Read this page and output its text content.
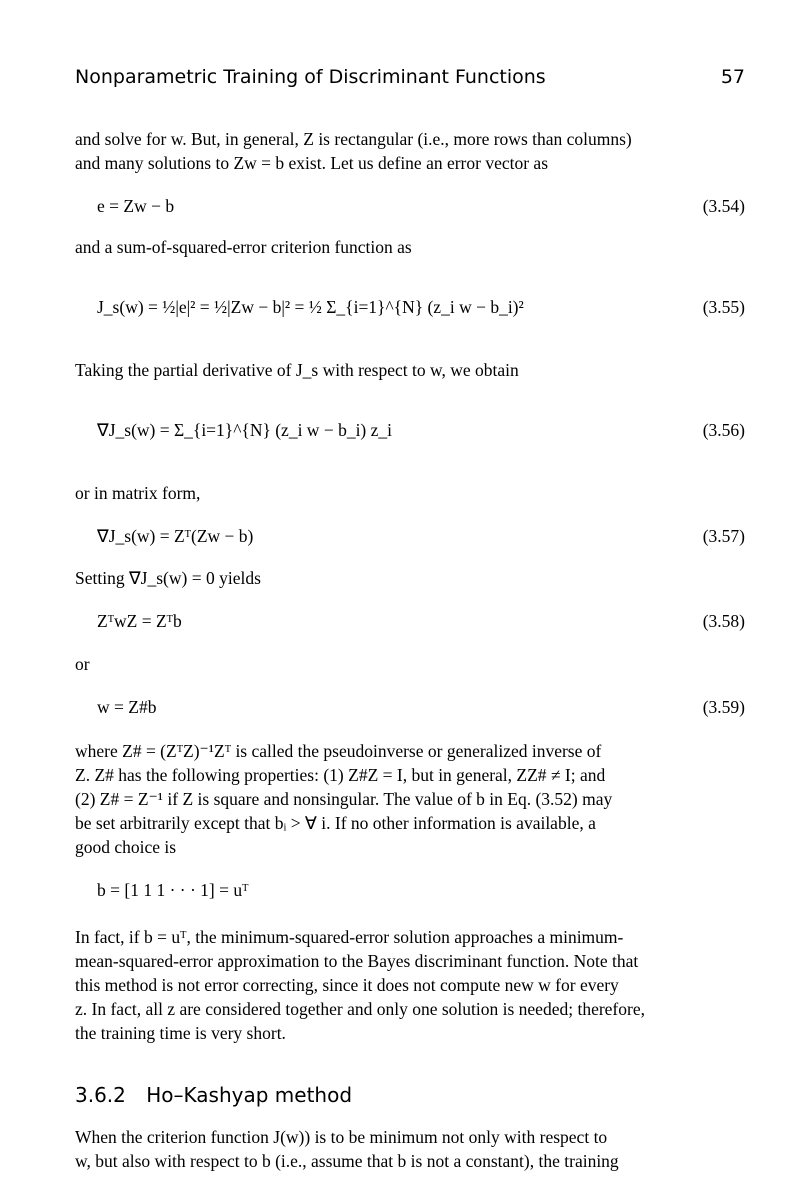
Nonparametric Training of Discriminant Functions	57
and solve for w. But, in general, Z is rectangular (i.e., more rows than columns)
and many solutions to Zw = b exist. Let us define an error vector as
e = Zw − b	(3.54)
and a sum-of-squared-error criterion function as
J_s(w) = ½|e|² = ½|Zw − b|² = ½ Σ_{i=1}^{N} (z_i w − b_i)²	(3.55)
Taking the partial derivative of J_s with respect to w, we obtain
∇J_s(w) = Σ_{i=1}^{N} (z_i w − b_i) z_i	(3.56)
or in matrix form,
∇J_s(w) = Zᵀ(Zw − b)	(3.57)
Setting ∇J_s(w) = 0 yields
ZᵀwZ = Zᵀb	(3.58)
or
w = Z#b	(3.59)
where Z# = (ZᵀZ)⁻¹Zᵀ is called the pseudoinverse or generalized inverse of
Z. Z# has the following properties: (1) Z#Z = I, but in general, ZZ# ≠ I; and
(2) Z# = Z⁻¹ if Z is square and nonsingular. The value of b in Eq. (3.52) may
be set arbitrarily except that bᵢ > ∀ i. If no other information is available, a
good choice is
b = [1 1 1 · · · 1] = uᵀ
In fact, if b = uᵀ, the minimum-squared-error solution approaches a minimum-
mean-squared-error approximation to the Bayes discriminant function. Note that
this method is not error correcting, since it does not compute new w for every
z. In fact, all z are considered together and only one solution is needed; therefore,
the training time is very short.
3.6.2 Ho–Kashyap method
When the criterion function J(w)) is to be minimum not only with respect to
w, but also with respect to b (i.e., assume that b is not a constant), the training
